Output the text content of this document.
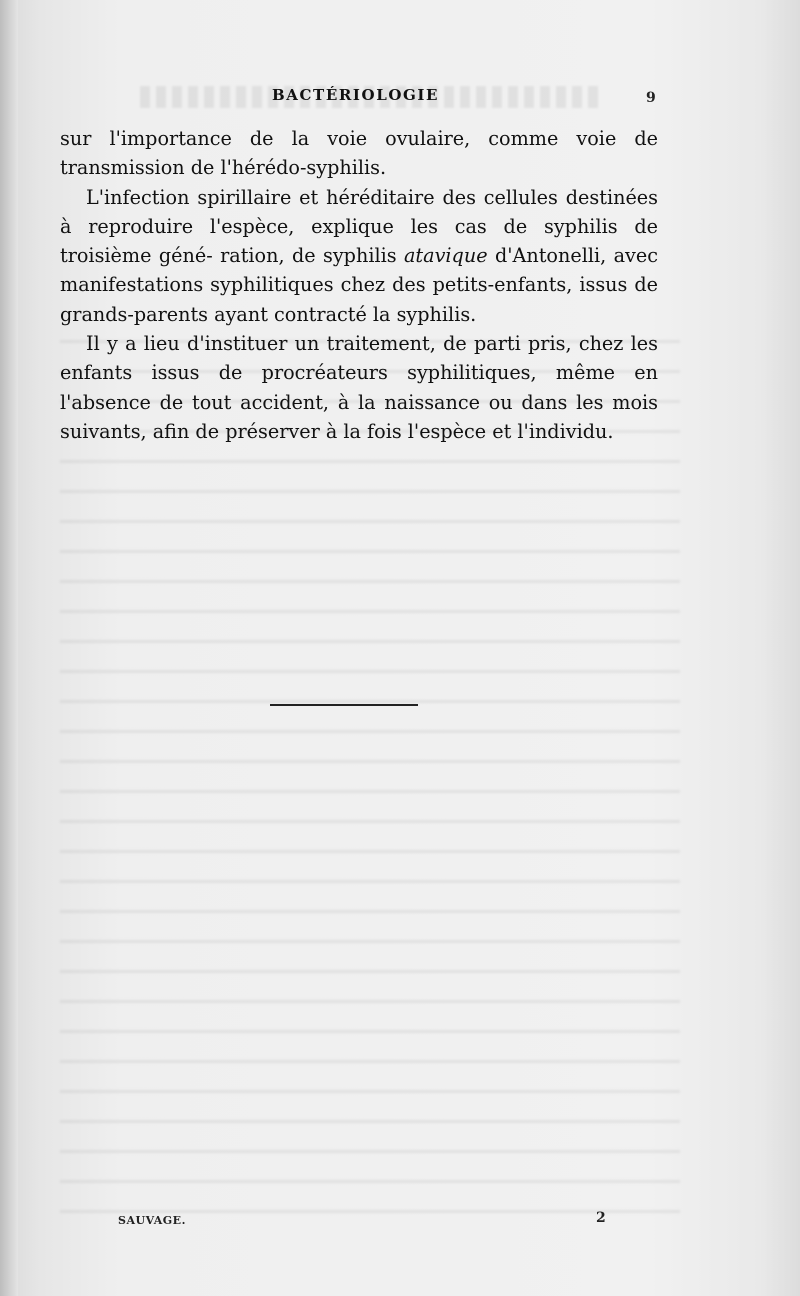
BACTÉRIOLOGIE	9

sur l'importance de la voie ovulaire, comme voie de transmission de l'hérédo-syphilis.

L'infection spirillaire et héréditaire des cellules destinées à reproduire l'espèce, explique les cas de syphilis de troisième géné- ration, de syphilis atavique d'Antonelli, avec manifestations syphilitiques chez des petits-enfants, issus de grands-parents ayant contracté la syphilis.

Il y a lieu d'instituer un traitement, de parti pris, chez les enfants issus de procréateurs syphilitiques, même en l'absence de tout accident, à la naissance ou dans les mois suivants, afin de préserver à la fois l'espèce et l'individu.

SAUVAGE.	2
